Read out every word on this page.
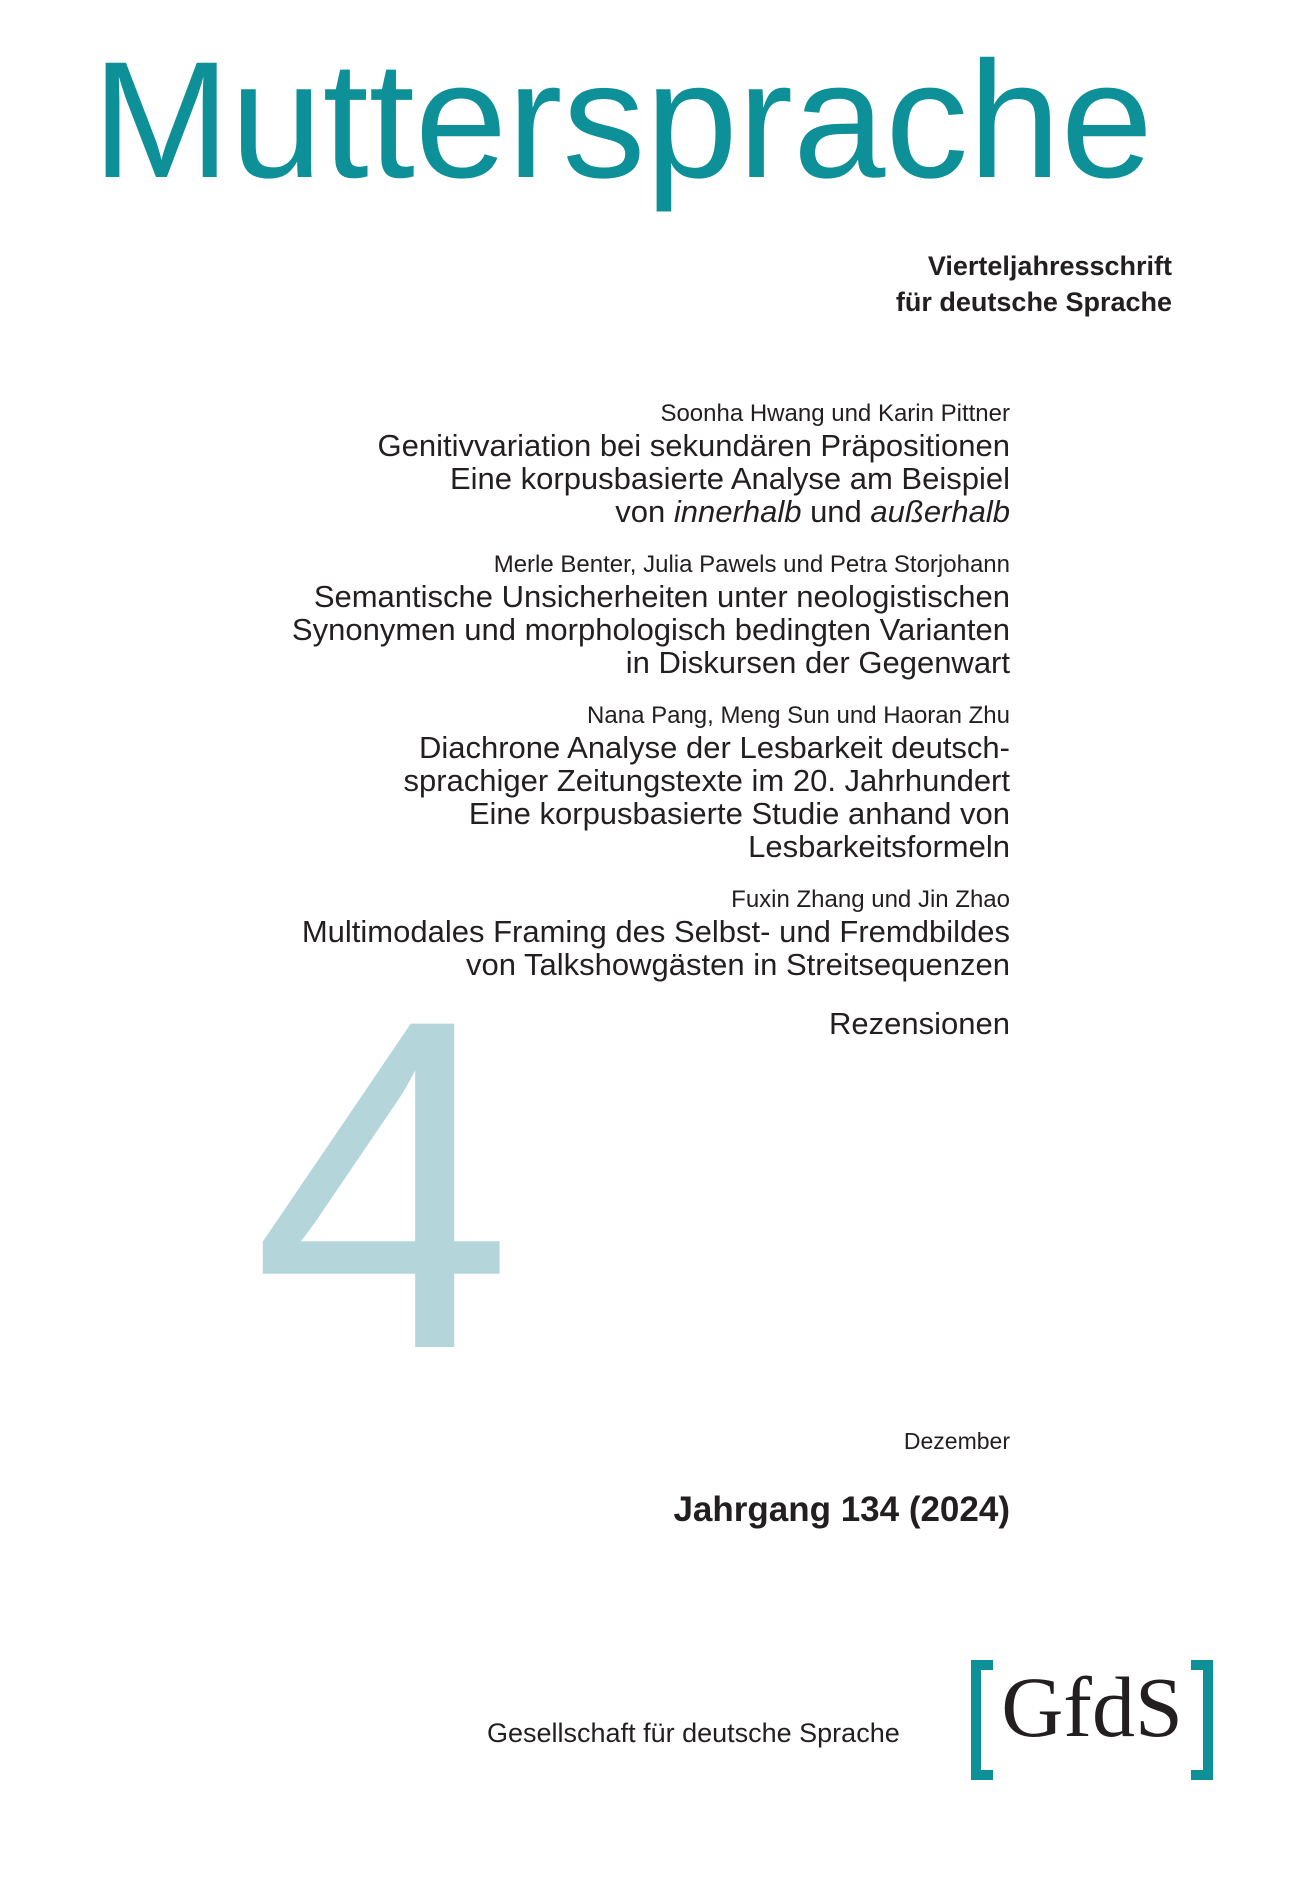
Muttersprache
Vierteljahresschrift
für deutsche Sprache
4
Soonha Hwang und Karin Pittner
Genitivvariation bei sekundären Präpositionen
Eine korpusbasierte Analyse am Beispiel
von innerhalb und außerhalb
Merle Benter, Julia Pawels und Petra Storjohann
Semantische Unsicherheiten unter neologistischen
Synonymen und morphologisch bedingten Varianten
in Diskursen der Gegenwart
Nana Pang, Meng Sun und Haoran Zhu
Diachrone Analyse der Lesbarkeit deutsch-
sprachiger Zeitungstexte im 20. Jahrhundert
Eine korpusbasierte Studie anhand von
Lesbarkeitsformeln
Fuxin Zhang und Jin Zhao
Multimodales Framing des Selbst- und Fremdbildes
von Talkshowgästen in Streitsequenzen
Rezensionen
Dezember
Jahrgang 134 (2024)
Gesellschaft für deutsche Sprache GfdS
